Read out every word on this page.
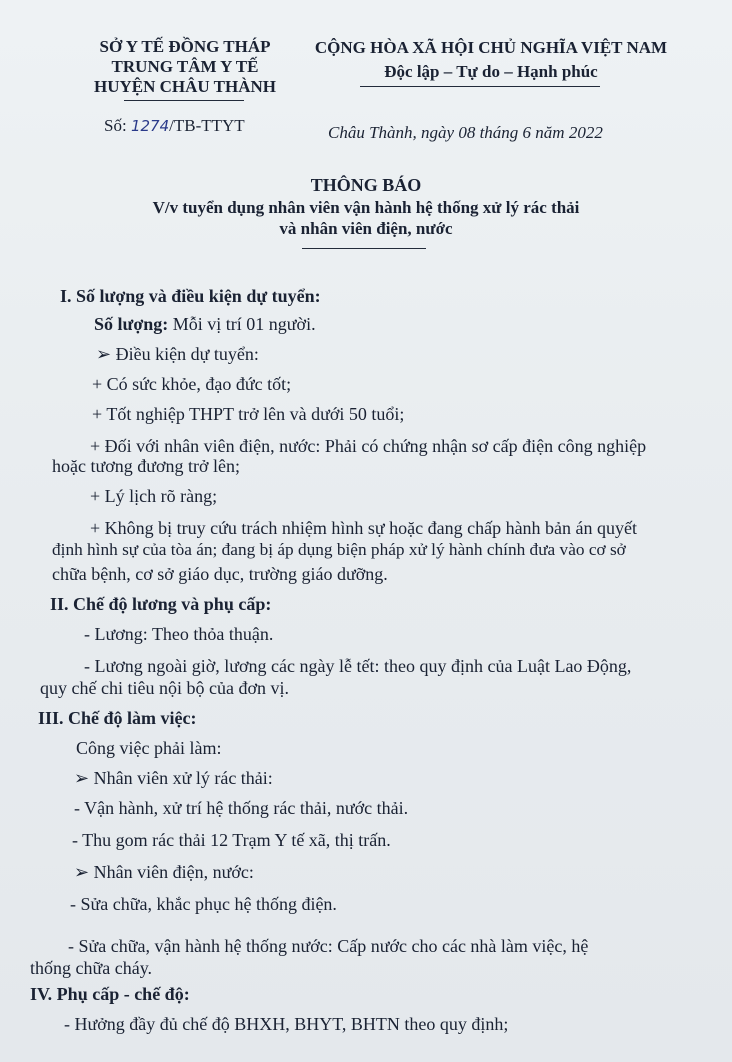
SỞ Y TẾ ĐỒNG THÁP
TRUNG TÂM Y TẾ
HUYỆN CHÂU THÀNH
CỘNG HÒA XÃ HỘI CHỦ NGHĨA VIỆT NAM
Độc lập – Tự do – Hạnh phúc
Số: 1274/TB-TTYT	Châu Thành, ngày 08 tháng 6 năm 2022
THÔNG BÁO
V/v tuyển dụng nhân viên vận hành hệ thống xử lý rác thải
và nhân viên điện, nước
I. Số lượng và điều kiện dự tuyển:
Số lượng: Mỗi vị trí 01 người.
➢ Điều kiện dự tuyển:
+ Có sức khỏe, đạo đức tốt;
+ Tốt nghiệp THPT trở lên và dưới 50 tuổi;
+ Đối với nhân viên điện, nước: Phải có chứng nhận sơ cấp điện công nghiệp
hoặc tương đương trở lên;
+ Lý lịch rõ ràng;
+ Không bị truy cứu trách nhiệm hình sự hoặc đang chấp hành bản án quyết
định hình sự của tòa án; đang bị áp dụng biện pháp xử lý hành chính đưa vào cơ sở
chữa bệnh, cơ sở giáo dục, trường giáo dưỡng.
II. Chế độ lương và phụ cấp:
- Lương: Theo thỏa thuận.
- Lương ngoài giờ, lương các ngày lễ tết: theo quy định của Luật Lao Động,
quy chế chi tiêu nội bộ của đơn vị.
III. Chế độ làm việc:
Công việc phải làm:
➢ Nhân viên xử lý rác thải:
- Vận hành, xử trí hệ thống rác thải, nước thải.
- Thu gom rác thải 12 Trạm Y tế xã, thị trấn.
➢ Nhân viên điện, nước:
- Sửa chữa, khắc phục hệ thống điện.
- Sửa chữa, vận hành hệ thống nước: Cấp nước cho các nhà làm việc, hệ
thống chữa cháy.
IV. Phụ cấp - chế độ:
- Hưởng đầy đủ chế độ BHXH, BHYT, BHTN theo quy định;
